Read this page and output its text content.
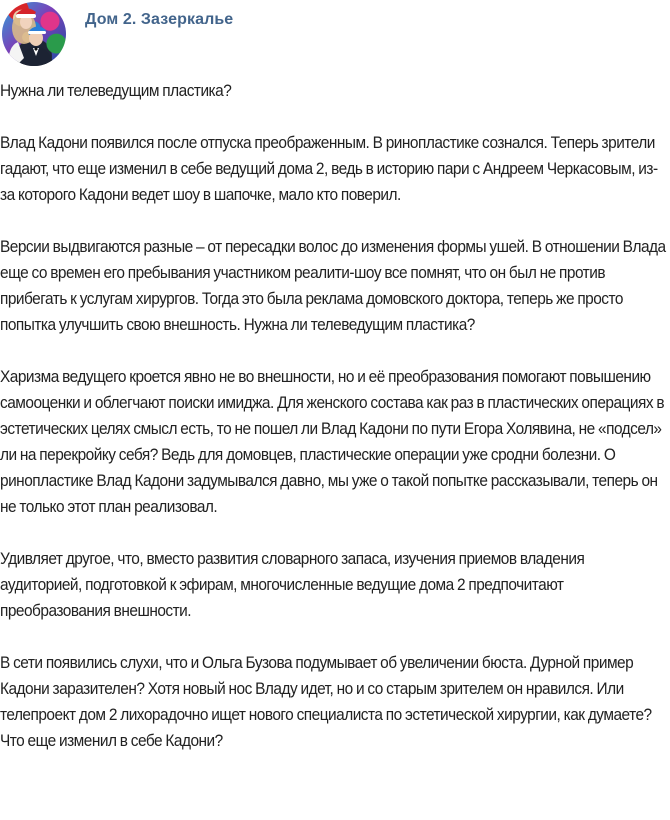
Дом 2. Зазеркалье

Нужна ли телеведущим пластика?

Влад Кадони появился после отпуска преображенным. В ринопластике сознался. Теперь зрители гадают, что еще изменил в себе ведущий дома 2, ведь в историю пари с Андреем Черкасовым, из-за которого Кадони ведет шоу в шапочке, мало кто поверил.

Версии выдвигаются разные – от пересадки волос до изменения формы ушей. В отношении Влада еще со времен его пребывания участником реалити-шоу все помнят, что он был не против прибегать к услугам хирургов. Тогда это была реклама домовского доктора, теперь же просто попытка улучшить свою внешность. Нужна ли телеведущим пластика?

Харизма ведущего кроется явно не во внешности, но и её преобразования помогают повышению самооценки и облегчают поиски имиджа. Для женского состава как раз в пластических операциях в эстетических целях смысл есть, то не пошел ли Влад Кадони по пути Егора Холявина, не «подсел» ли на перекройку себя? Ведь для домовцев, пластические операции уже сродни болезни. О ринопластике Влад Кадони задумывался давно, мы уже о такой попытке рассказывали, теперь он не только этот план реализовал.

Удивляет другое, что, вместо развития словарного запаса, изучения приемов владения аудиторией, подготовкой к эфирам, многочисленные ведущие дома 2 предпочитают преобразования внешности.

В сети появились слухи, что и Ольга Бузова подумывает об увеличении бюста. Дурной пример Кадони заразителен? Хотя новый нос Владу идет, но и со старым зрителем он нравился. Или телепроект дом 2 лихорадочно ищет нового специалиста по эстетической хирургии, как думаете? Что еще изменил в себе Кадони?
